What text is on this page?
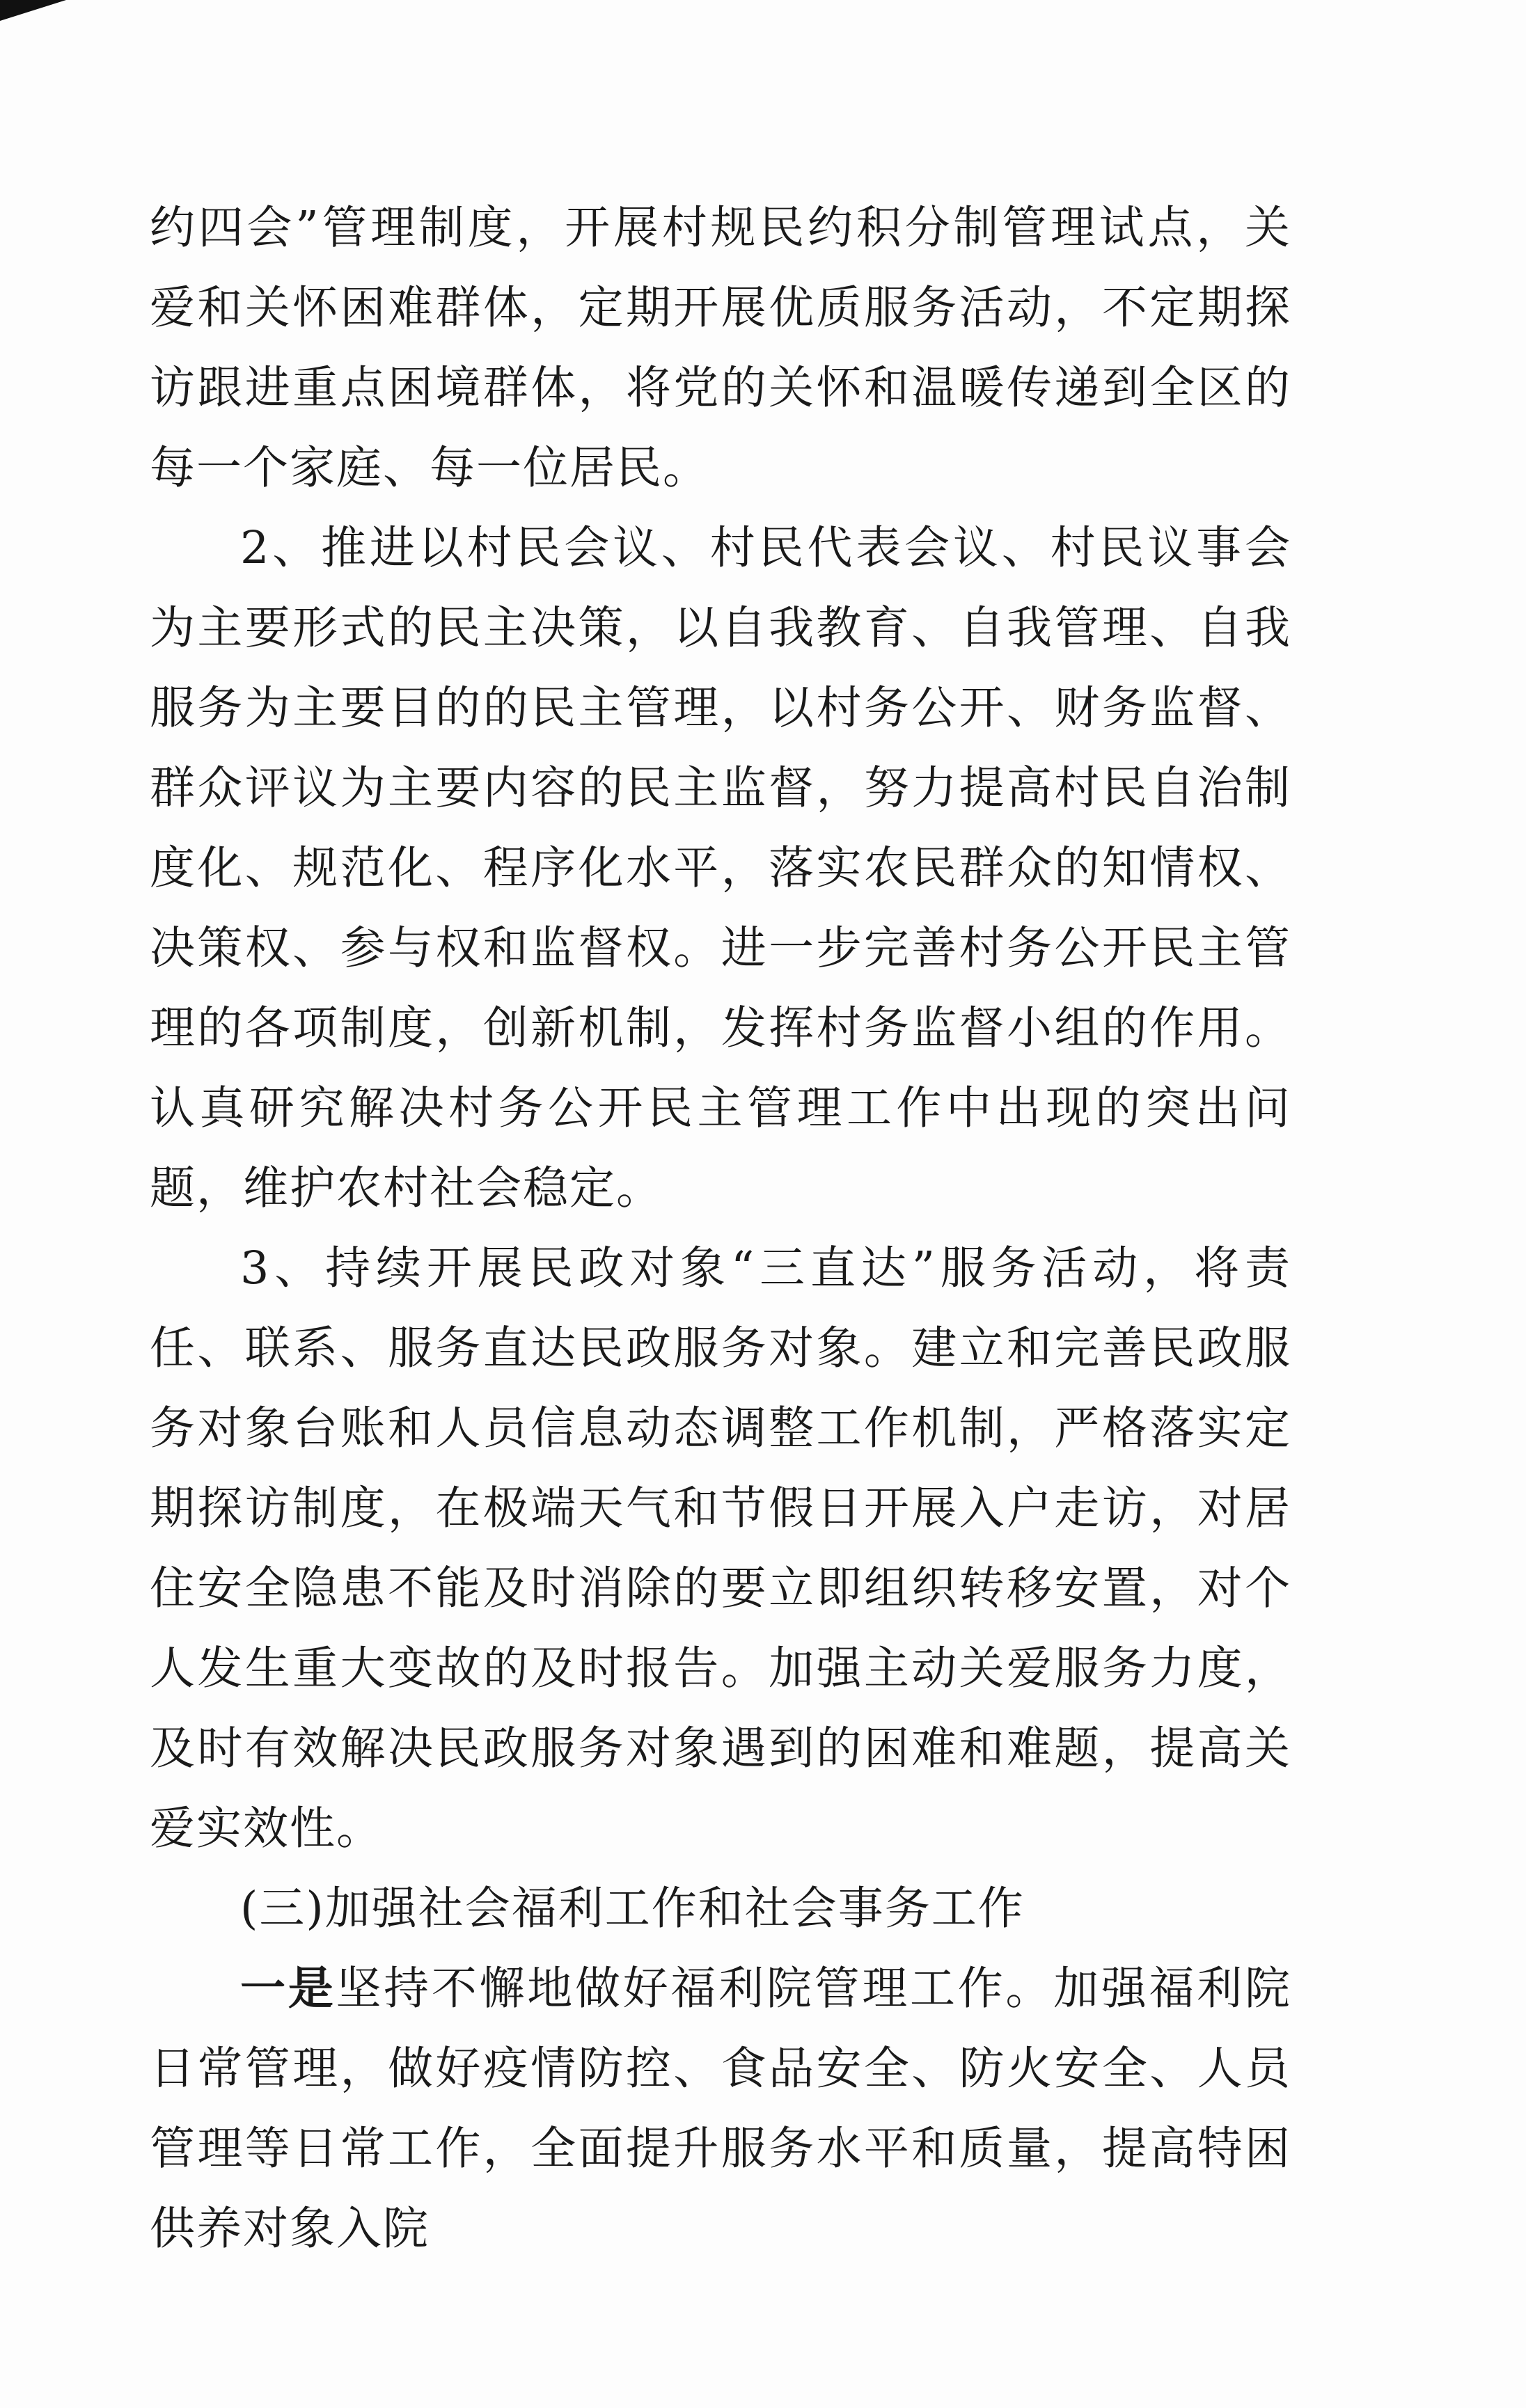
约四会”管理制度，开展村规民约积分制管理试点，关爱和关怀困难群体，定期开展优质服务活动，不定期探访跟进重点困境群体，将党的关怀和温暖传递到全区的每一个家庭、每一位居民。

2、推进以村民会议、村民代表会议、村民议事会为主要形式的民主决策，以自我教育、自我管理、自我服务为主要目的的民主管理，以村务公开、财务监督、群众评议为主要内容的民主监督，努力提高村民自治制度化、规范化、程序化水平，落实农民群众的知情权、决策权、参与权和监督权。进一步完善村务公开民主管理的各项制度，创新机制，发挥村务监督小组的作用。认真研究解决村务公开民主管理工作中出现的突出问题，维护农村社会稳定。

3、持续开展民政对象“三直达”服务活动，将责任、联系、服务直达民政服务对象。建立和完善民政服务对象台账和人员信息动态调整工作机制，严格落实定期探访制度，在极端天气和节假日开展入户走访，对居住安全隐患不能及时消除的要立即组织转移安置，对个人发生重大变故的及时报告。加强主动关爱服务力度，及时有效解决民政服务对象遇到的困难和难题，提高关爱实效性。

(三)加强社会福利工作和社会事务工作

一是坚持不懈地做好福利院管理工作。加强福利院日常管理，做好疫情防控、食品安全、防火安全、人员管理等日常工作，全面提升服务水平和质量，提高特困供养对象入院
